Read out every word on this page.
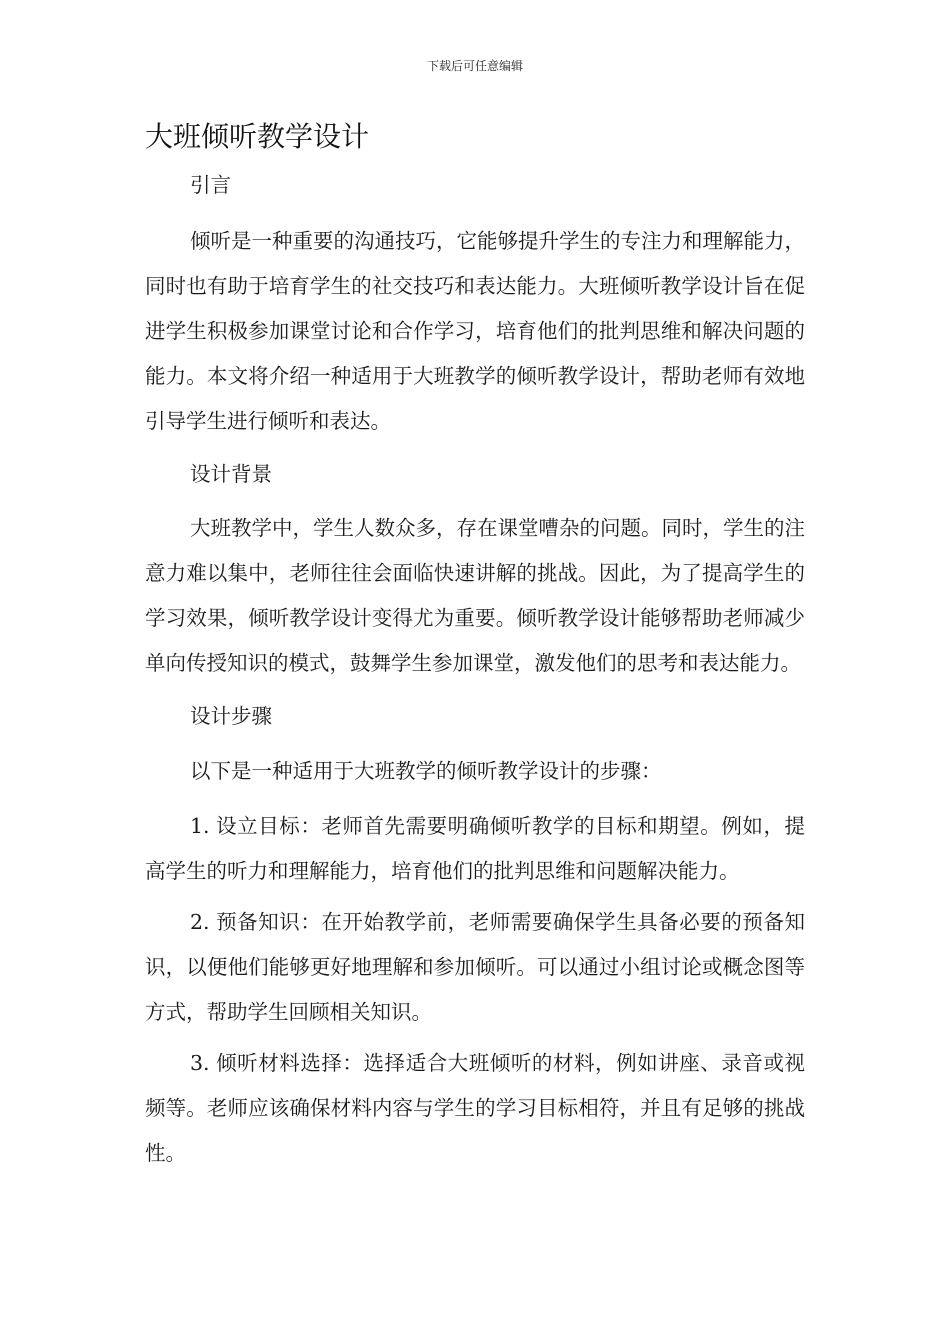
下载后可任意编辑
大班倾听教学设计
引言

倾听是一种重要的沟通技巧，它能够提升学生的专注力和理解能力，同时也有助于培育学生的社交技巧和表达能力。大班倾听教学设计旨在促进学生积极参加课堂讨论和合作学习，培育他们的批判思维和解决问题的能力。本文将介绍一种适用于大班教学的倾听教学设计，帮助老师有效地引导学生进行倾听和表达。

设计背景

大班教学中，学生人数众多，存在课堂嘈杂的问题。同时，学生的注意力难以集中，老师往往会面临快速讲解的挑战。因此，为了提高学生的学习效果，倾听教学设计变得尤为重要。倾听教学设计能够帮助老师减少单向传授知识的模式，鼓舞学生参加课堂，激发他们的思考和表达能力。

设计步骤

以下是一种适用于大班教学的倾听教学设计的步骤：

1. 设立目标：老师首先需要明确倾听教学的目标和期望。例如，提高学生的听力和理解能力，培育他们的批判思维和问题解决能力。

2. 预备知识：在开始教学前，老师需要确保学生具备必要的预备知识，以便他们能够更好地理解和参加倾听。可以通过小组讨论或概念图等方式，帮助学生回顾相关知识。

3. 倾听材料选择：选择适合大班倾听的材料，例如讲座、录音或视频等。老师应该确保材料内容与学生的学习目标相符，并且有足够的挑战性。
